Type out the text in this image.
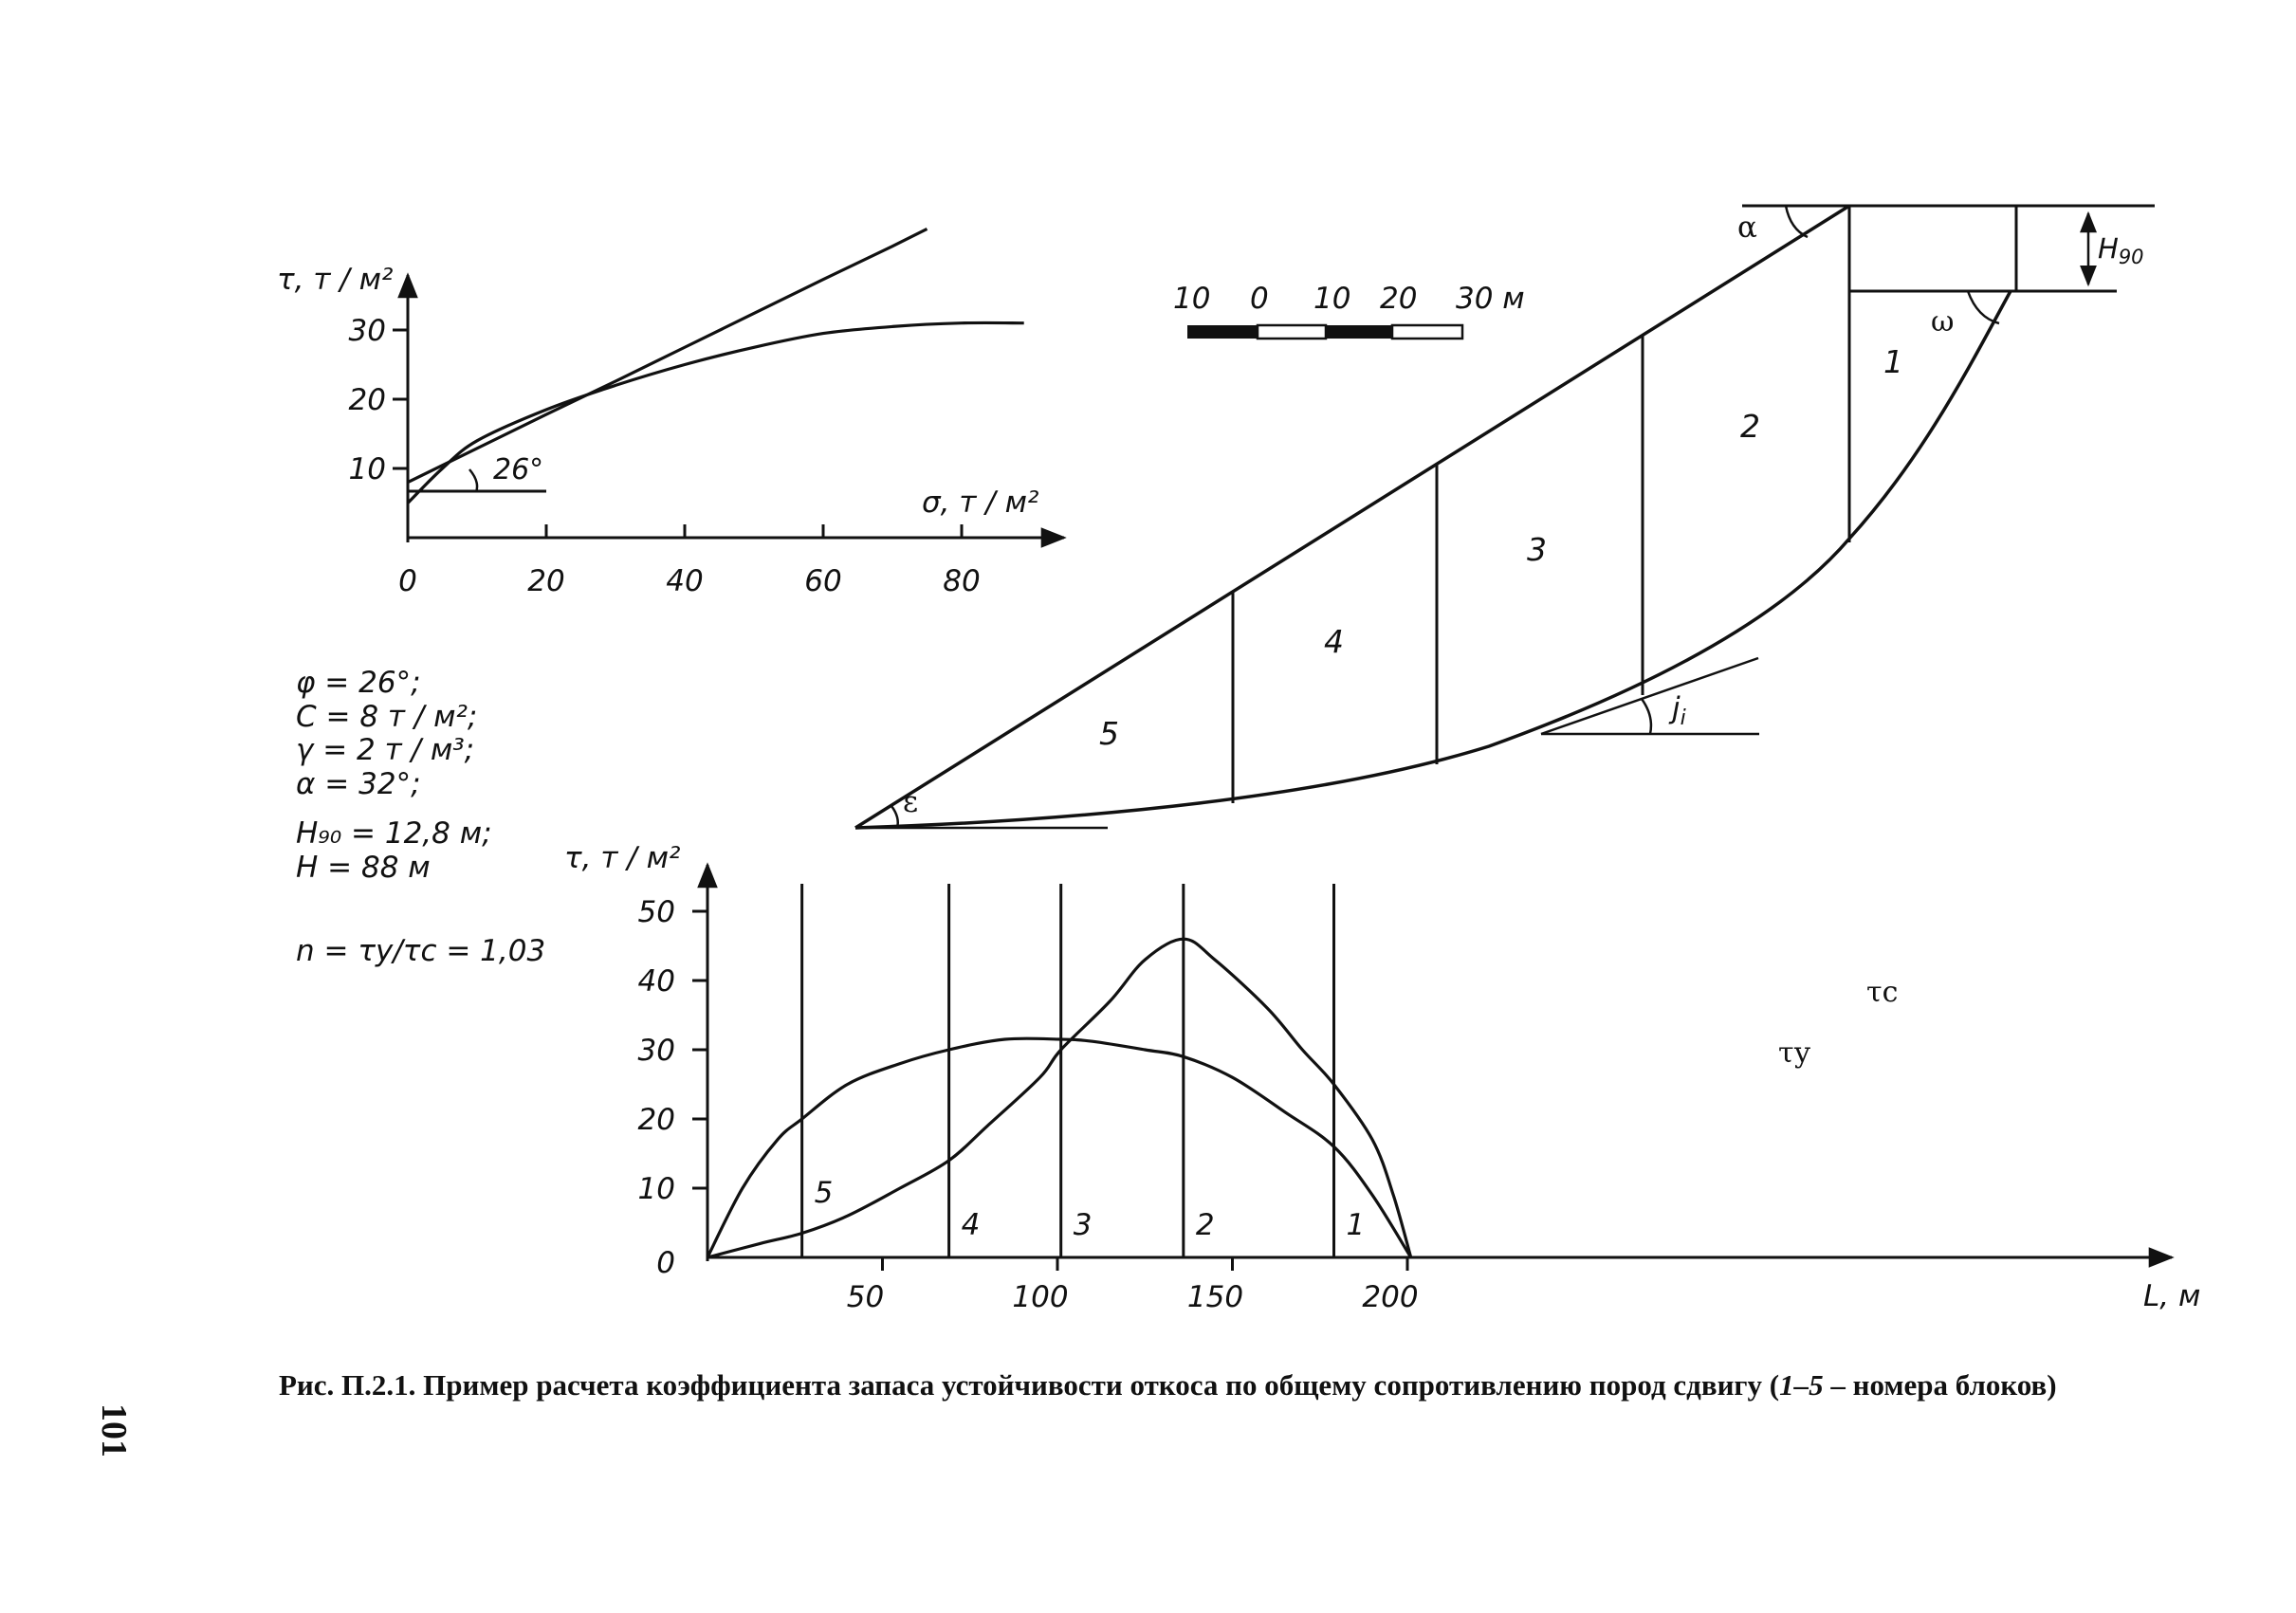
0	20	40	60	80
10
20
30
26°
τ, т / м²
σ, т / м²
10 0 10 20 30 м
$H_{90}$
$j_i$
ε
α
ω
1
2
3
4
5
φ = 26°;
C = 8 т / м²;
γ = 2 т / м³;
α = 32°;
H₉₀ = 12,8 м;
H = 88 м
n = τу/τс = 1,03
5
4	3	2	1
50	100	150	200
0
10
20
30
40
50
τ, т / м²
L, м
τc
τу
Рис. П.2.1. Пример расчета коэффициента запаса устойчивости откоса по общему сопротивлению пород сдвигу (1–5 – номера блоков)
101
